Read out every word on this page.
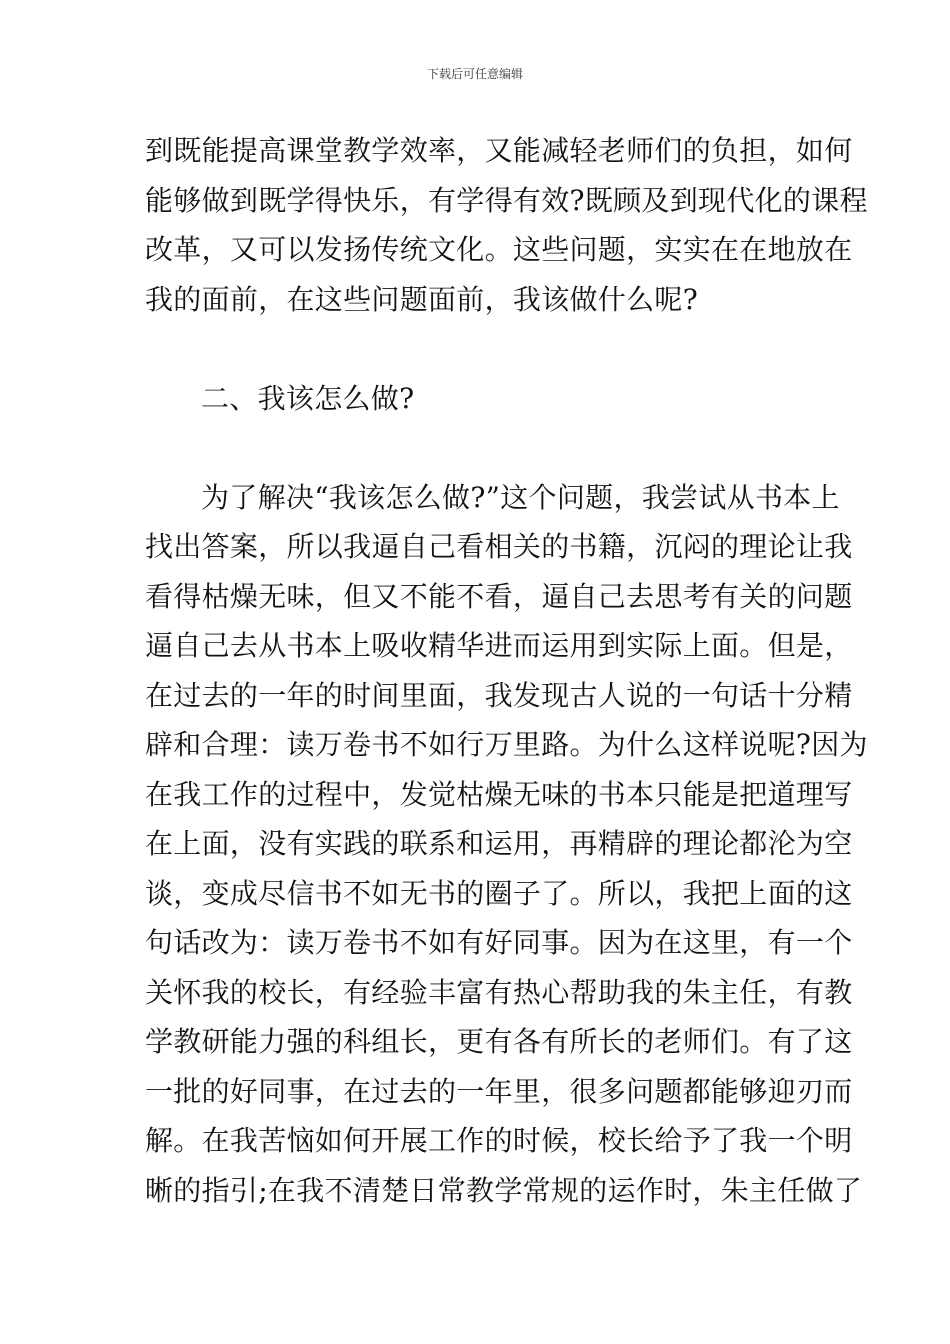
下载后可任意编辑
到既能提高课堂教学效率，又能减轻老师们的负担，如何
能够做到既学得快乐，有学得有效?既顾及到现代化的课程
改革，又可以发扬传统文化。这些问题，实实在在地放在
我的面前，在这些问题面前，我该做什么呢?
二、我该怎么做?
为了解决“我该怎么做?”这个问题，我尝试从书本上
找出答案，所以我逼自己看相关的书籍，沉闷的理论让我
看得枯燥无味，但又不能不看，逼自己去思考有关的问题
逼自己去从书本上吸收精华进而运用到实际上面。但是，
在过去的一年的时间里面，我发现古人说的一句话十分精
辟和合理：读万卷书不如行万里路。为什么这样说呢?因为
在我工作的过程中，发觉枯燥无味的书本只能是把道理写
在上面，没有实践的联系和运用，再精辟的理论都沦为空
谈，变成尽信书不如无书的圈子了。所以，我把上面的这
句话改为：读万卷书不如有好同事。因为在这里，有一个
关怀我的校长，有经验丰富有热心帮助我的朱主任，有教
学教研能力强的科组长，更有各有所长的老师们。有了这
一批的好同事，在过去的一年里，很多问题都能够迎刃而
解。在我苦恼如何开展工作的时候，校长给予了我一个明
晰的指引;在我不清楚日常教学常规的运作时，朱主任做了
